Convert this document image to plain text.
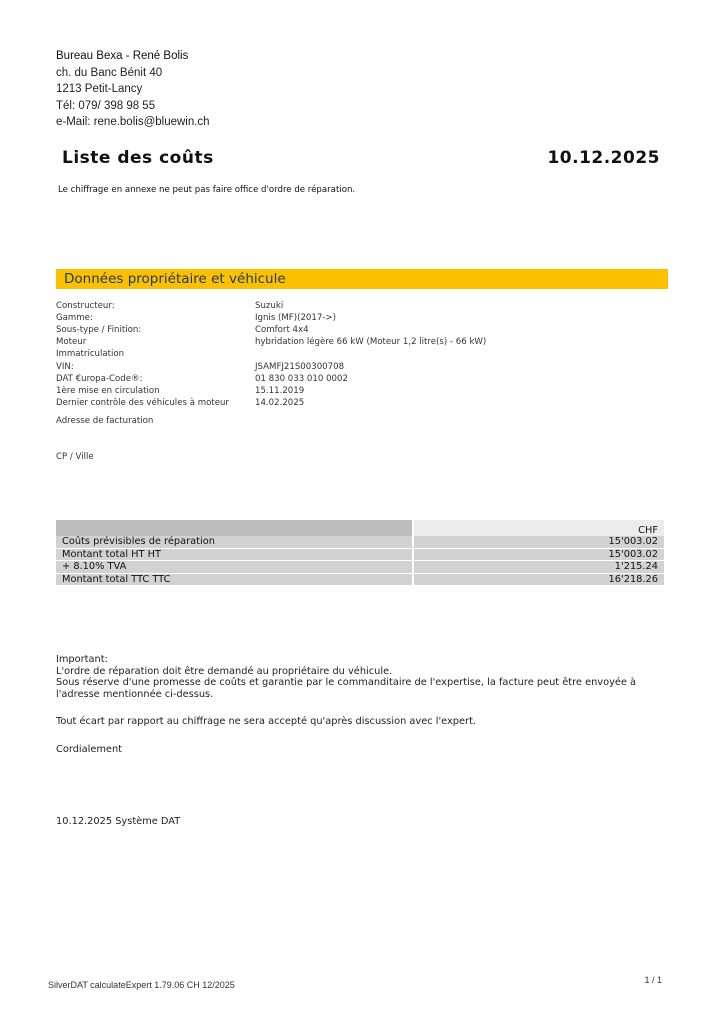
Bureau Bexa - René Bolis
ch. du Banc Bénit 40
1213 Petit-Lancy
Tél: 079/ 398 98 55
e-Mail: rene.bolis@bluewin.ch
Liste des coûts	10.12.2025
Le chiffrage en annexe ne peut pas faire office d'ordre de réparation.
Données propriétaire et véhicule
Constructeur:	Suzuki
Gamme:	Ignis (MF)(2017->)
Sous-type / Finition:	Comfort 4x4
Moteur	hybridation légère 66 kW (Moteur 1,2 litre(s) - 66 kW)
Immatriculation
VIN:	JSAMFJ21S00300708
DAT €uropa-Code®:	01 830 033 010 0002
1ère mise en circulation	15.11.2019
Dernier contrôle des véhicules à moteur	14.02.2025
Adresse de facturation
CP / Ville
	CHF
Coûts prévisibles de réparation	15'003.02
Montant total HT HT	15'003.02
+ 8.10% TVA	1'215.24
Montant total TTC TTC	16'218.26
Important:
L'ordre de réparation doit être demandé au propriétaire du véhicule.
Sous réserve d'une promesse de coûts et garantie par le commanditaire de l'expertise, la facture peut être envoyée à
l'adresse mentionnée ci-dessus.
Tout écart par rapport au chiffrage ne sera accepté qu'après discussion avec l'expert.
Cordialement
10.12.2025 Système DAT
SilverDAT calculateExpert 1.79.06 CH 12/2025	1 / 1
